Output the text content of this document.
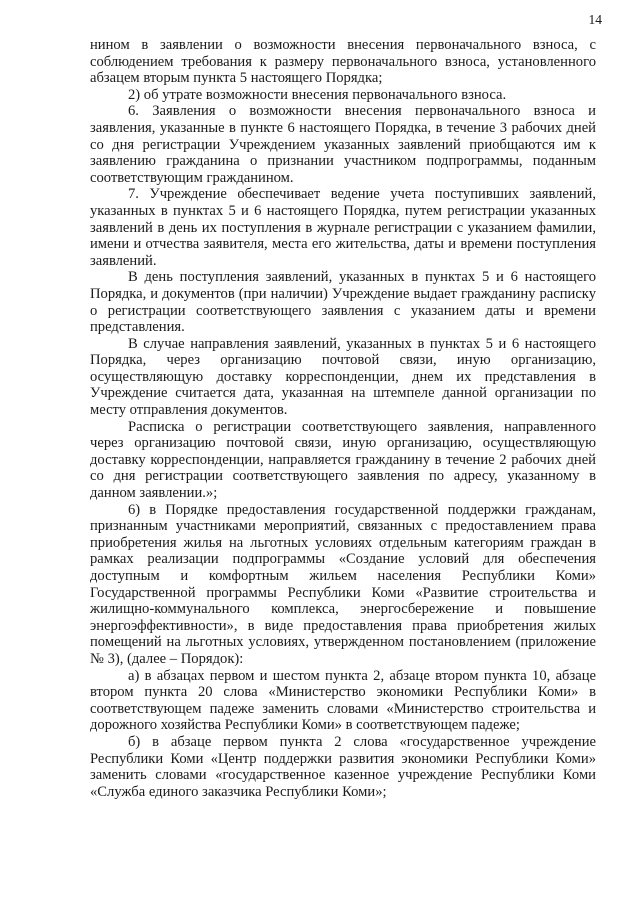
14

нином в заявлении о возможности внесения первоначального взноса, с соблюдением требования к размеру первоначального взноса, установленного абзацем вторым пункта 5 настоящего Порядка;

2) об утрате возможности внесения первоначального взноса.

6. Заявления о возможности внесения первоначального взноса и заявления, указанные в пункте 6 настоящего Порядка, в течение 3 рабочих дней со дня регистрации Учреждением указанных заявлений приобщаются им к заявлению гражданина о признании участником подпрограммы, поданным соответствующим гражданином.

7. Учреждение обеспечивает ведение учета поступивших заявлений, указанных в пунктах 5 и 6 настоящего Порядка, путем регистрации указанных заявлений в день их поступления в журнале регистрации с указанием фамилии, имени и отчества заявителя, места его жительства, даты и времени поступления заявлений.

В день поступления заявлений, указанных в пунктах 5 и 6 настоящего Порядка, и документов (при наличии) Учреждение выдает гражданину расписку о регистрации соответствующего заявления с указанием даты и времени представления.

В случае направления заявлений, указанных в пунктах 5 и 6 настоящего Порядка, через организацию почтовой связи, иную организацию, осуществляющую доставку корреспонденции, днем их представления в Учреждение считается дата, указанная на штемпеле данной организации по месту отправления документов.

Расписка о регистрации соответствующего заявления, направленного через организацию почтовой связи, иную организацию, осуществляющую доставку корреспонденции, направляется гражданину в течение 2 рабочих дней со дня регистрации соответствующего заявления по адресу, указанному в данном заявлении.»;

6) в Порядке предоставления государственной поддержки гражданам, признанным участниками мероприятий, связанных с предоставлением права приобретения жилья на льготных условиях отдельным категориям граждан в рамках реализации подпрограммы «Создание условий для обеспечения доступным и комфортным жильем населения Республики Коми» Государственной программы Республики Коми «Развитие строительства и жилищно-коммунального комплекса, энергосбережение и повышение энергоэффективности», в виде предоставления права приобретения жилых помещений на льготных условиях, утвержденном постановлением (приложение № 3), (далее – Порядок):

а) в абзацах первом и шестом пункта 2, абзаце втором пункта 10, абзаце втором пункта 20 слова «Министерство экономики Республики Коми» в соответствующем падеже заменить словами «Министерство строительства и дорожного хозяйства Республики Коми» в соответствующем падеже;

б) в абзаце первом пункта 2 слова «государственное учреждение Республики Коми «Центр поддержки развития экономики Республики Коми» заменить словами «государственное казенное учреждение Республики Коми «Служба единого заказчика Республики Коми»;
